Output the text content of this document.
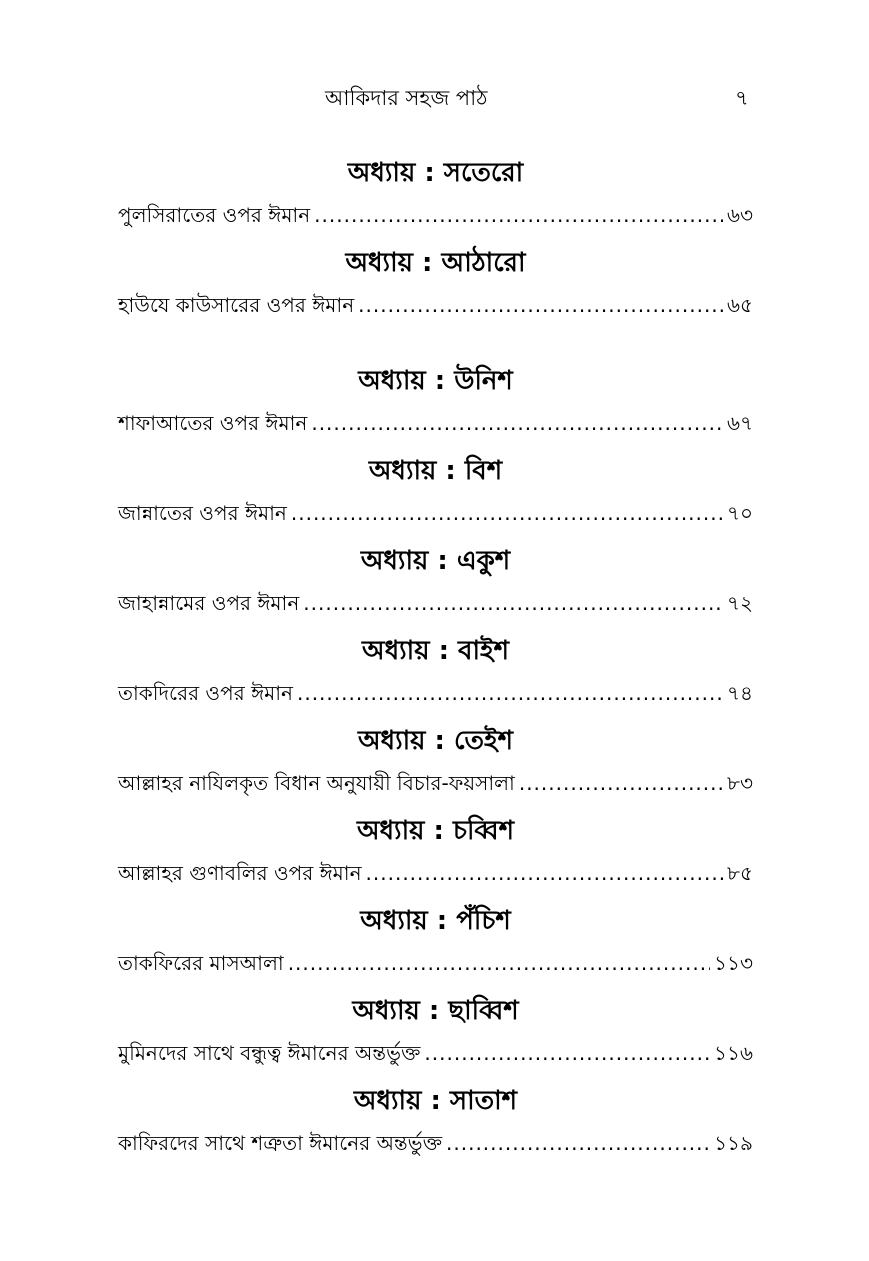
আকিদার সহজ পাঠ	৭
অধ্যায় : সতেরো
পুলসিরাতের ওপর ঈমান .....	৬৩
অধ্যায় : আঠারো
হাউযে কাউসারের ওপর ঈমান .....	৬৫
অধ্যায় : উনিশ
শাফাআতের ওপর ঈমান .....	৬৭
অধ্যায় : বিশ
জান্নাতের ওপর ঈমান .....	৭০
অধ্যায় : একুশ
জাহান্নামের ওপর ঈমান .....	৭২
অধ্যায় : বাইশ
তাকদিরের ওপর ঈমান .....	৭৪
অধ্যায় : তেইশ
আল্লাহর নাযিলকৃত বিধান অনুযায়ী বিচার-ফয়সালা .....	৮৩
অধ্যায় : চব্বিশ
আল্লাহর গুণাবলির ওপর ঈমান .....	৮৫
অধ্যায় : পঁচিশ
তাকফিরের মাসআলা .....	১১৩
অধ্যায় : ছাব্বিশ
মুমিনদের সাথে বন্ধুত্ব ঈমানের অন্তর্ভুক্ত .....	১১৬
অধ্যায় : সাতাশ
কাফিরদের সাথে শত্রুতা ঈমানের অন্তর্ভুক্ত .....	১১৯
